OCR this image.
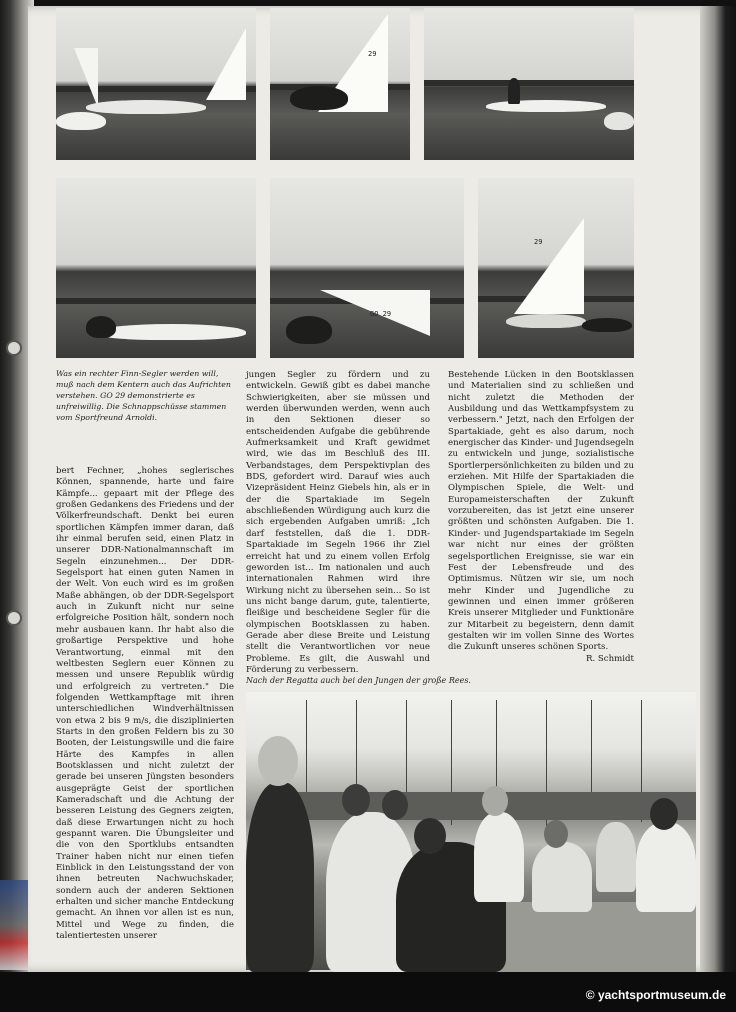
29
GO 29
29
Was ein rechter Finn-Segler werden will, muß nach dem Kentern auch das Aufrichten verstehen. GO 29 demonstrierte es unfreiwillig. Die Schnappschüsse stammen vom Sportfreund Arnoldi.

bert Fechner, „hohes seglerisches Können, spannende, harte und faire Kämpfe... gepaart mit der Pflege des großen Gedankens des Friedens und der Völkerfreundschaft. Denkt bei euren sportlichen Kämpfen immer daran, daß ihr einmal berufen seid, einen Platz in unserer DDR-Nationalmannschaft im Segeln einzunehmen... Der DDR-Segelsport hat einen guten Namen in der Welt. Von euch wird es im großen Maße abhängen, ob der DDR-Segelsport auch in Zukunft nicht nur seine erfolgreiche Position hält, sondern noch mehr ausbauen kann. Ihr habt also die großartige Perspektive und hohe Verantwortung, einmal mit den weltbesten Seglern euer Können zu messen und unsere Republik würdig und erfolgreich zu vertreten." Die folgenden Wettkampftage mit ihren unterschiedlichen Windverhältnissen von etwa 2 bis 9 m/s, die disziplinierten Starts in den großen Feldern bis zu 30 Booten, der Leistungswille und die faire Härte des Kampfes in allen Bootsklassen und nicht zuletzt der gerade bei unseren Jüngsten besonders ausgeprägte Geist der sportlichen Kameradschaft und die Achtung der besseren Leistung des Gegners zeigten, daß diese Erwartungen nicht zu hoch gespannt waren. Die Übungsleiter und die von den Sportklubs entsandten Trainer haben nicht nur einen tiefen Einblick in den Leistungsstand der von ihnen betreuten Nachwuchskader, sondern auch der anderen Sektionen erhalten und sicher manche Entdeckung gemacht. An ihnen vor allen ist es nun, Mittel und Wege zu finden, die talentiertesten unserer

jungen Segler zu fördern und zu entwickeln. Gewiß gibt es dabei manche Schwierigkeiten, aber sie müssen und werden überwunden werden, wenn auch in den Sektionen dieser so entscheidenden Aufgabe die gebührende Aufmerksamkeit und Kraft gewidmet wird, wie das im Beschluß des III. Verbandstages, dem Perspektivplan des BDS, gefordert wird. Darauf wies auch Vizepräsident Heinz Giebels hin, als er in der die Spartakiade im Segeln abschließenden Würdigung auch kurz die sich ergebenden Aufgaben umriß: „Ich darf feststellen, daß die 1. DDR-Spartakiade im Segeln 1966 ihr Ziel erreicht hat und zu einem vollen Erfolg geworden ist... Im nationalen und auch internationalen Rahmen wird ihre Wirkung nicht zu übersehen sein... So ist uns nicht bange darum, gute, talentierte, fleißige und bescheidene Segler für die olympischen Bootsklassen zu haben. Gerade aber diese Breite und Leistung stellt die Verantwortlichen vor neue Probleme. Es gilt, die Auswahl und Förderung zu verbessern.

Bestehende Lücken in den Bootsklassen und Materialien sind zu schließen und nicht zuletzt die Methoden der Ausbildung und das Wettkampfsystem zu verbessern." Jetzt, nach den Erfolgen der Spartakiade, geht es also darum, noch energischer das Kinder- und Jugendsegeln zu entwickeln und junge, sozialistische Sportlerpersönlichkeiten zu bilden und zu erziehen. Mit Hilfe der Spartakiaden die Olympischen Spiele, die Welt- und Europameisterschaften der Zukunft vorzubereiten, das ist jetzt eine unserer größten und schönsten Aufgaben. Die 1. Kinder- und Jugendspartakiade im Segeln war nicht nur eines der größten segelsportlichen Ereignisse, sie war ein Fest der Lebensfreude und des Optimismus. Nützen wir sie, um noch mehr Kinder und Jugendliche zu gewinnen und einen immer größeren Kreis unserer Mitglieder und Funktionäre zur Mitarbeit zu begeistern, denn damit gestalten wir im vollen Sinne des Wortes die Zukunft unseres schönen Sports.

R. Schmidt

Nach der Regatta auch bei den Jungen der große Rees.
© yachtsportmuseum.de
